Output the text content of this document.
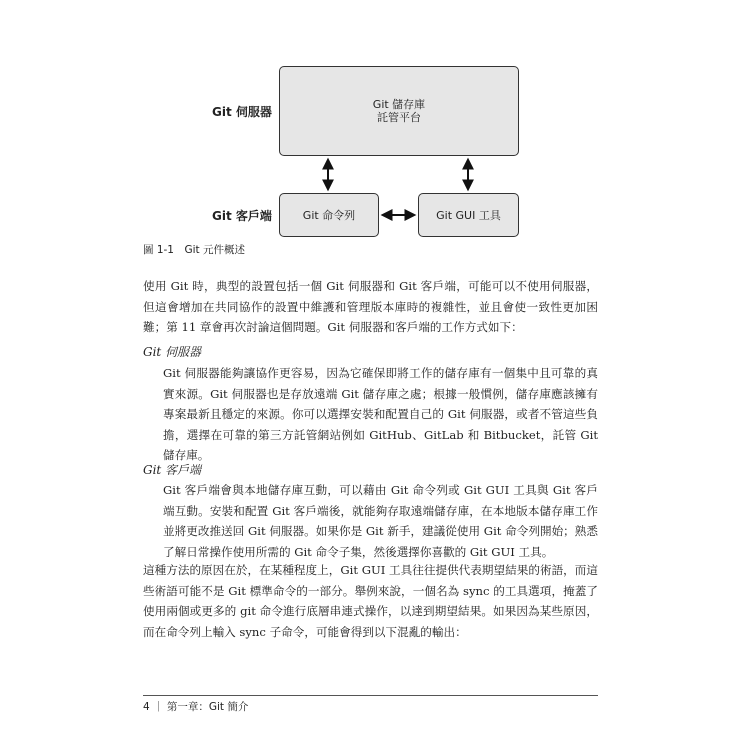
Git 伺服器
Git 客戶端
Git 儲存庫
託管平台
Git 命令列	Git GUI 工具
圖 1-1　Git 元件概述

使用 Git 時，典型的設置包括一個 Git 伺服器和 Git 客戶端，可能可以不使用伺服器，但這會增加在共同協作的設置中維護和管理版本庫時的複雜性，並且會使一致性更加困難；第 11 章會再次討論這個問題。Git 伺服器和客戶端的工作方式如下：

Git 伺服器

Git 伺服器能夠讓協作更容易，因為它確保即將工作的儲存庫有一個集中且可靠的真實來源。Git 伺服器也是存放遠端 Git 儲存庫之處；根據一般慣例，儲存庫應該擁有專案最新且穩定的來源。你可以選擇安裝和配置自己的 Git 伺服器，或者不管這些負擔，選擇在可靠的第三方託管網站例如 GitHub、GitLab 和 Bitbucket，託管 Git 儲存庫。

Git 客戶端

Git 客戶端會與本地儲存庫互動，可以藉由 Git 命令列或 Git GUI 工具與 Git 客戶端互動。安裝和配置 Git 客戶端後，就能夠存取遠端儲存庫，在本地版本儲存庫工作並將更改推送回 Git 伺服器。如果你是 Git 新手，建議從使用 Git 命令列開始；熟悉了解日常操作使用所需的 Git 命令子集，然後選擇你喜歡的 Git GUI 工具。

這種方法的原因在於，在某種程度上，Git GUI 工具往往提供代表期望結果的術語，而這些術語可能不是 Git 標準命令的一部分。舉例來說，一個名為 sync 的工具選項，掩蓋了使用兩個或更多的 git 命令進行底層串連式操作，以達到期望結果。如果因為某些原因，而在命令列上輸入 sync 子命令，可能會得到以下混亂的輸出：

4 ｜ 第一章：Git 簡介
